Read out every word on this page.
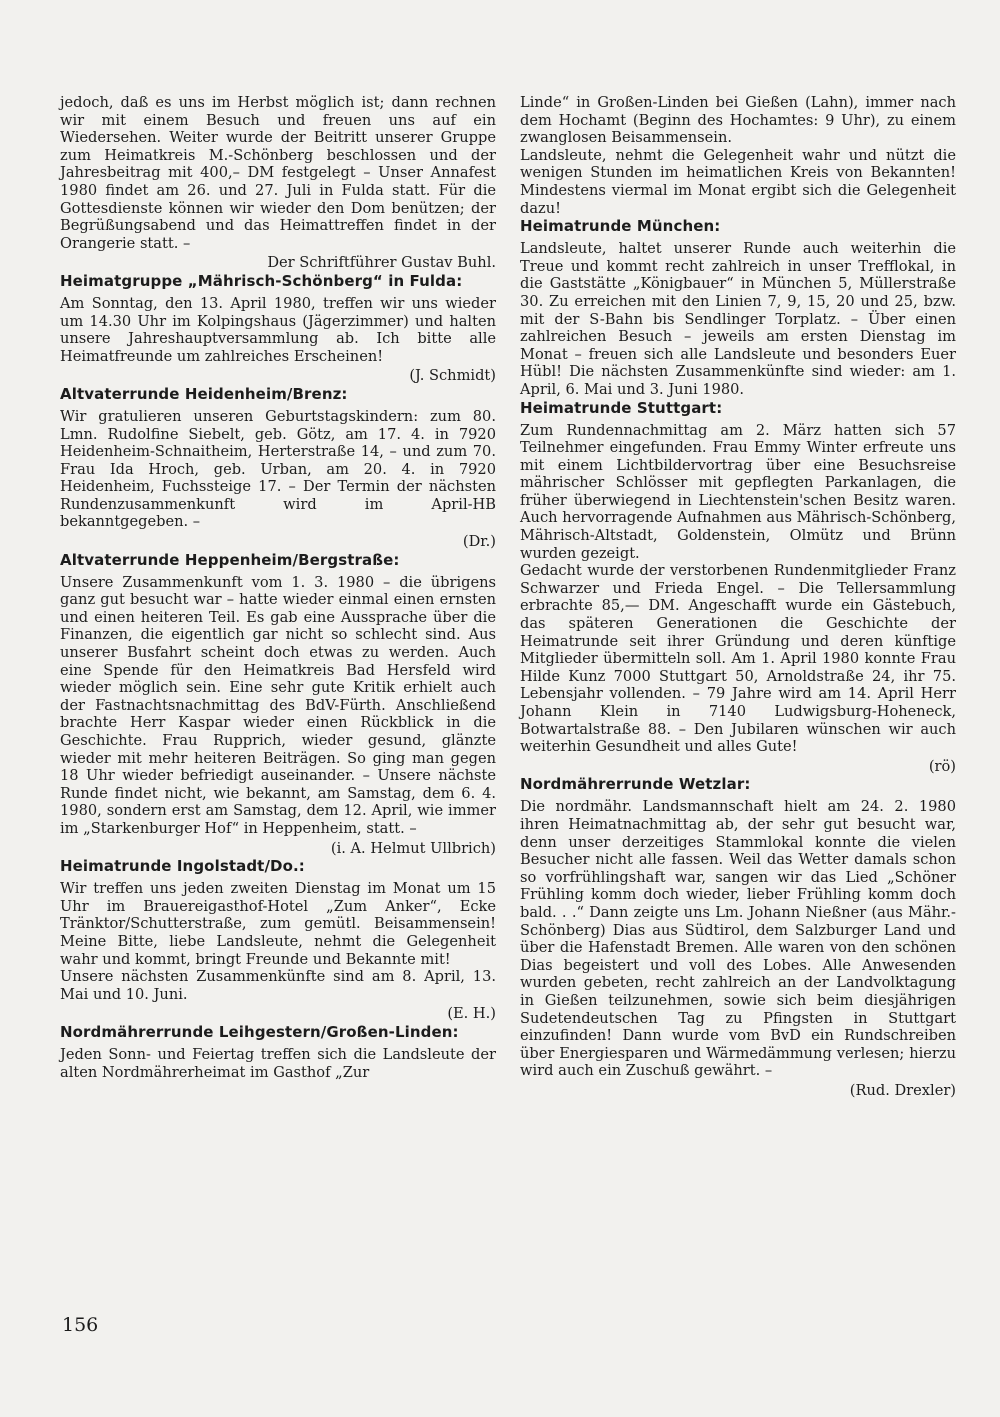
jedoch, daß es uns im Herbst möglich ist; dann rechnen wir mit einem Besuch und freuen uns auf ein Wiedersehen. Weiter wurde der Beitritt unserer Gruppe zum Heimatkreis M.-Schönberg beschlossen und der Jahresbeitrag mit 400,– DM festgelegt – Unser Annafest 1980 findet am 26. und 27. Juli in Fulda statt. Für die Gottesdienste können wir wieder den Dom benützen; der Begrüßungsabend und das Heimattreffen findet in der Orangerie statt. –

Der Schriftführer Gustav Buhl.

Heimatgruppe „Mährisch-Schönberg“ in Fulda:

Am Sonntag, den 13. April 1980, treffen wir uns wieder um 14.30 Uhr im Kolpingshaus (Jägerzimmer) und halten unsere Jahreshauptversammlung ab. Ich bitte alle Heimatfreunde um zahlreiches Erscheinen!

(J. Schmidt)

Altvaterrunde Heidenheim/Brenz:

Wir gratulieren unseren Geburtstagskindern: zum 80. Lmn. Rudolfine Siebelt, geb. Götz, am 17. 4. in 7920 Heidenheim-Schnaitheim, Herterstraße 14, – und zum 70. Frau Ida Hroch, geb. Urban, am 20. 4. in 7920 Heidenheim, Fuchssteige 17. – Der Termin der nächsten Rundenzusammenkunft wird im April-HB bekanntgegeben. –

(Dr.)

Altvaterrunde Heppenheim/Bergstraße:

Unsere Zusammenkunft vom 1. 3. 1980 – die übrigens ganz gut besucht war – hatte wieder einmal einen ernsten und einen heiteren Teil. Es gab eine Aussprache über die Finanzen, die eigentlich gar nicht so schlecht sind. Aus unserer Busfahrt scheint doch etwas zu werden. Auch eine Spende für den Heimatkreis Bad Hersfeld wird wieder möglich sein. Eine sehr gute Kritik erhielt auch der Fastnachtsnachmittag des BdV-Fürth. Anschließend brachte Herr Kaspar wieder einen Rückblick in die Geschichte. Frau Rupprich, wieder gesund, glänzte wieder mit mehr heiteren Beiträgen. So ging man gegen 18 Uhr wieder befriedigt auseinander. – Unsere nächste Runde findet nicht, wie bekannt, am Samstag, dem 6. 4. 1980, sondern erst am Samstag, dem 12. April, wie immer im „Starkenburger Hof“ in Heppenheim, statt. –

(i. A. Helmut Ullbrich)

Heimatrunde Ingolstadt/Do.:

Wir treffen uns jeden zweiten Dienstag im Monat um 15 Uhr im Brauereigasthof-Hotel „Zum Anker“, Ecke Tränktor/Schutterstraße, zum gemütl. Beisammensein! Meine Bitte, liebe Landsleute, nehmt die Gelegenheit wahr und kommt, bringt Freunde und Bekannte mit!

Unsere nächsten Zusammenkünfte sind am 8. April, 13. Mai und 10. Juni.

(E. H.)

Nordmährerrunde Leihgestern/Großen-Linden:

Jeden Sonn- und Feiertag treffen sich die Landsleute der alten Nordmährerheimat im Gasthof „Zur

Linde“ in Großen-Linden bei Gießen (Lahn), immer nach dem Hochamt (Beginn des Hochamtes: 9 Uhr), zu einem zwanglosen Beisammensein.

Landsleute, nehmt die Gelegenheit wahr und nützt die wenigen Stunden im heimatlichen Kreis von Bekannten! Mindestens viermal im Monat ergibt sich die Gelegenheit dazu!

Heimatrunde München:

Landsleute, haltet unserer Runde auch weiterhin die Treue und kommt recht zahlreich in unser Trefflokal, in die Gaststätte „Königbauer“ in München 5, Müllerstraße 30. Zu erreichen mit den Linien 7, 9, 15, 20 und 25, bzw. mit der S-Bahn bis Sendlinger Torplatz. – Über einen zahlreichen Besuch – jeweils am ersten Dienstag im Monat – freuen sich alle Landsleute und besonders Euer Hübl! Die nächsten Zusammenkünfte sind wieder: am 1. April, 6. Mai und 3. Juni 1980.

Heimatrunde Stuttgart:

Zum Rundennachmittag am 2. März hatten sich 57 Teilnehmer eingefunden. Frau Emmy Winter erfreute uns mit einem Lichtbildervortrag über eine Besuchsreise mährischer Schlösser mit gepflegten Parkanlagen, die früher überwiegend in Liechtenstein'schen Besitz waren. Auch hervorragende Aufnahmen aus Mährisch-Schönberg, Mährisch-Altstadt, Goldenstein, Olmütz und Brünn wurden gezeigt.

Gedacht wurde der verstorbenen Rundenmitglieder Franz Schwarzer und Frieda Engel. – Die Tellersammlung erbrachte 85,— DM. Angeschafft wurde ein Gästebuch, das späteren Generationen die Geschichte der Heimatrunde seit ihrer Gründung und deren künftige Mitglieder übermitteln soll. Am 1. April 1980 konnte Frau Hilde Kunz 7000 Stuttgart 50, Arnoldstraße 24, ihr 75. Lebensjahr vollenden. – 79 Jahre wird am 14. April Herr Johann Klein in 7140 Ludwigsburg-Hoheneck, Botwartalstraße 88. – Den Jubilaren wünschen wir auch weiterhin Gesundheit und alles Gute!

(rö)

Nordmährerrunde Wetzlar:

Die nordmähr. Landsmannschaft hielt am 24. 2. 1980 ihren Heimatnachmittag ab, der sehr gut besucht war, denn unser derzeitiges Stammlokal konnte die vielen Besucher nicht alle fassen. Weil das Wetter damals schon so vorfrühlingshaft war, sangen wir das Lied „Schöner Frühling komm doch wieder, lieber Frühling komm doch bald. . .“ Dann zeigte uns Lm. Johann Nießner (aus Mähr.-Schönberg) Dias aus Südtirol, dem Salzburger Land und über die Hafenstadt Bremen. Alle waren von den schönen Dias begeistert und voll des Lobes. Alle Anwesenden wurden gebeten, recht zahlreich an der Landvolktagung in Gießen teilzunehmen, sowie sich beim diesjährigen Sudetendeutschen Tag zu Pfingsten in Stuttgart einzufinden! Dann wurde vom BvD ein Rundschreiben über Energiesparen und Wärmedämmung verlesen; hierzu wird auch ein Zuschuß gewährt. –

(Rud. Drexler)

156
